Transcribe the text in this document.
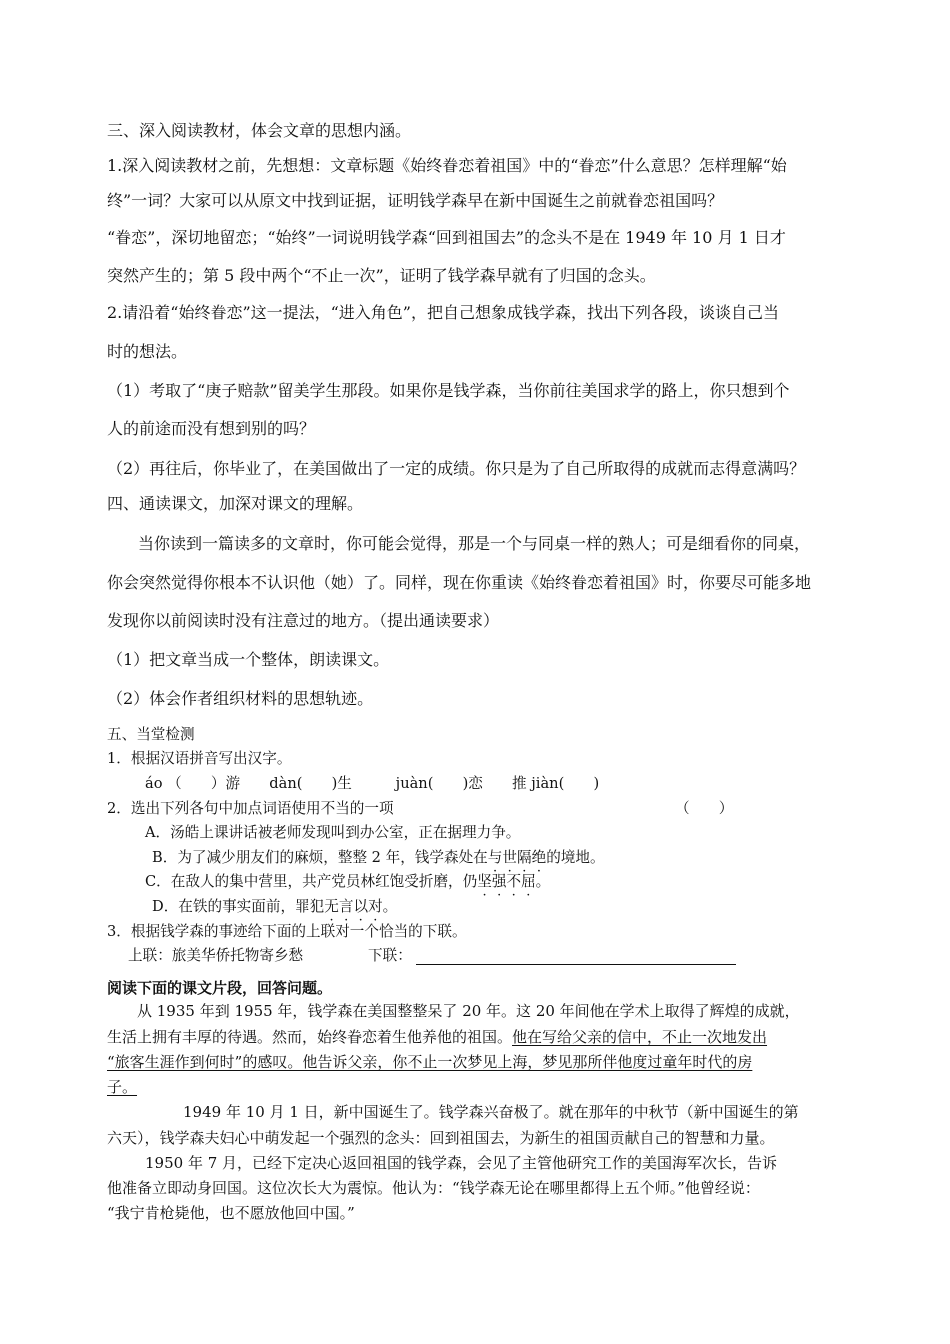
三、深入阅读教材，体会文章的思想内涵。

1.深入阅读教材之前，先想想：文章标题《始终眷恋着祖国》中的“眷恋”什么意思？怎样理解“始

终”一词？大家可以从原文中找到证据，证明钱学森早在新中国诞生之前就眷恋祖国吗？

“眷恋”，深切地留恋；“始终”一词说明钱学森“回到祖国去”的念头不是在 1949 年 10 月 1 日才

突然产生的；第 5 段中两个“不止一次”，证明了钱学森早就有了归国的念头。

2.请沿着“始终眷恋”这一提法，“进入角色”，把自己想象成钱学森，找出下列各段，谈谈自己当

时的想法。

（1）考取了“庚子赔款”留美学生那段。如果你是钱学森，当你前往美国求学的路上，你只想到个

人的前途而没有想到别的吗？

（2）再往后，你毕业了，在美国做出了一定的成绩。你只是为了自己所取得的成就而志得意满吗？

四、通读课文，加深对课文的理解。

当你读到一篇读多的文章时，你可能会觉得，那是一个与同桌一样的熟人；可是细看你的同桌，

你会突然觉得你根本不认识他（她）了。同样，现在你重读《始终眷恋着祖国》时，你要尽可能多地

发现你以前阅读时没有注意过的地方。（提出通读要求）

（1）把文章当成一个整体，朗读课文。

（2）体会作者组织材料的思想轨迹。

五、当堂检测

1．根据汉语拼音写出汉字。

áo （　　）游　　dàn(　　)生　　　juàn(　　)恋　　推 jiàn(　　)

2．选出下列各句中加点词语使用不当的一项	（　　）

A．汤皓上课讲话被老师发现叫到办公室，正在据理力争。

B．为了减少朋友们的麻烦，整整 2 年，钱学森处在与世隔绝的境地。

C．在敌人的集中营里，共产党员林红饱受折磨，仍坚强不屈。

D．在铁的事实面前，罪犯无言以对。

3．根据钱学森的事迹给下面的上联对一个恰当的下联。

上联：旅美华侨托物寄乡愁	下联：

阅读下面的课文片段，回答问题。

从 1935 年到 1955 年，钱学森在美国整整呆了 20 年。这 20 年间他在学术上取得了辉煌的成就，

生活上拥有丰厚的待遇。然而，始终眷恋着生他养他的祖国。他在写给父亲的信中，不止一次地发出

“旅客生涯作到何时”的感叹。他告诉父亲，你不止一次梦见上海，梦见那所伴他度过童年时代的房

子。

1949 年 10 月 1 日，新中国诞生了。钱学森兴奋极了。就在那年的中秋节（新中国诞生的第

六天），钱学森夫妇心中萌发起一个强烈的念头：回到祖国去，为新生的祖国贡献自己的智慧和力量。

1950 年 7 月，已经下定决心返回祖国的钱学森，会见了主管他研究工作的美国海军次长，告诉

他准备立即动身回国。这位次长大为震惊。他认为：“钱学森无论在哪里都得上五个师。”他曾经说：

“我宁肯枪毙他，也不愿放他回中国。”
